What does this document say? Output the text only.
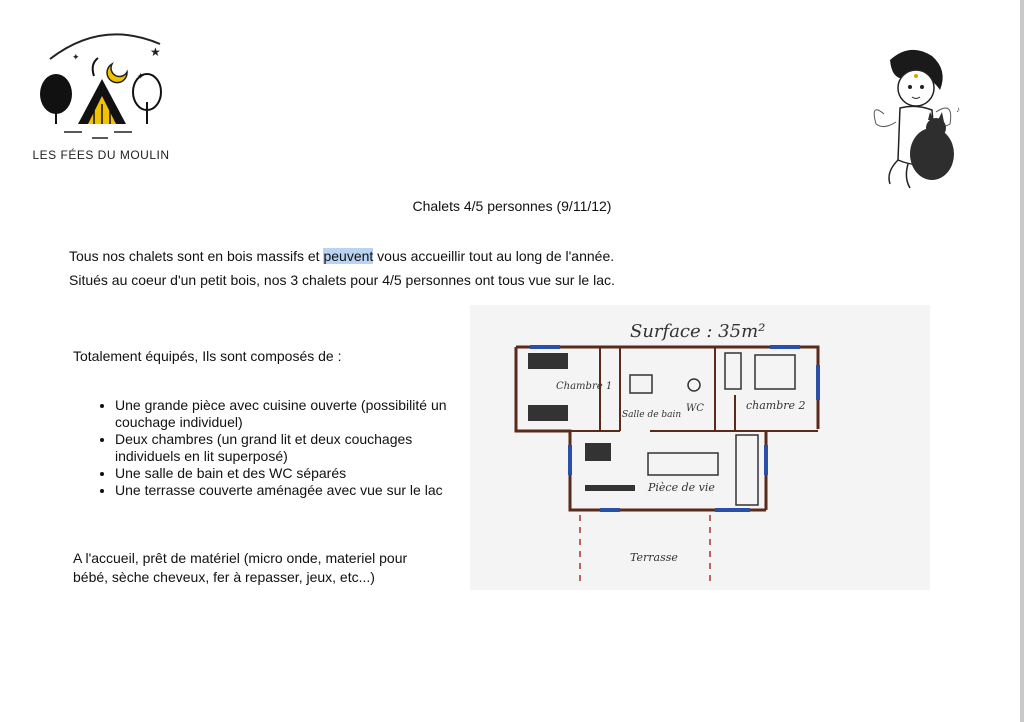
★
✦
✦
LES FÉES DU MOULIN
♪
Chalets 4/5 personnes (9/11/12)
Tous nos chalets sont en bois massifs et peuvent vous accueillir tout au long de l'année.
Situés au coeur d'un petit bois, nos 3 chalets pour 4/5 personnes ont tous vue sur le lac.
Totalement équipés, Ils sont composés de :
• Une grande pièce avec cuisine ouverte (possibilité un couchage individuel)
• Deux chambres (un grand lit et deux couchages individuels en lit superposé)
• Une salle de bain et des WC séparés
• Une terrasse couverte aménagée avec vue sur le lac
A l'accueil, prêt de matériel (micro onde, materiel pour bébé, sèche cheveux, fer à repasser, jeux, etc...)
Surface : 35m²
Chambre 1
Salle de bain
WC	chambre 2
Pièce de vie
Terrasse
